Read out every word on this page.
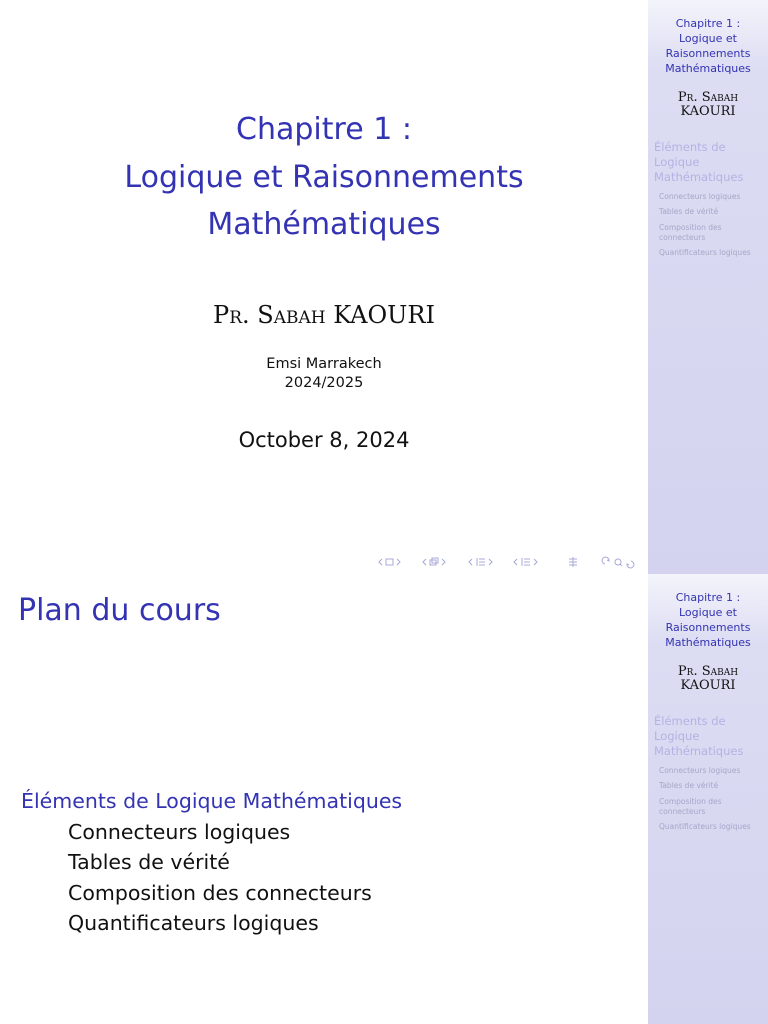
Chapitre 1 :
Logique et Raisonnements
Mathématiques
Pr. Sabah KAOURI
Emsi Marrakech
2024/2025
October 8, 2024
Chapitre 1 :
Logique et
Raisonnements
Mathématiques
Pr. Sabah
KAOURI
Éléments de
Logique
Mathématiques
Connecteurs logiques
Tables de vérité
Composition des
connecteurs
Quantificateurs logiques
Plan du cours
Éléments de Logique Mathématiques
Connecteurs logiques
Tables de vérité
Composition des connecteurs
Quantificateurs logiques
Chapitre 1 :
Logique et
Raisonnements
Mathématiques
Pr. Sabah
KAOURI
Éléments de
Logique
Mathématiques
Connecteurs logiques
Tables de vérité
Composition des
connecteurs
Quantificateurs logiques
